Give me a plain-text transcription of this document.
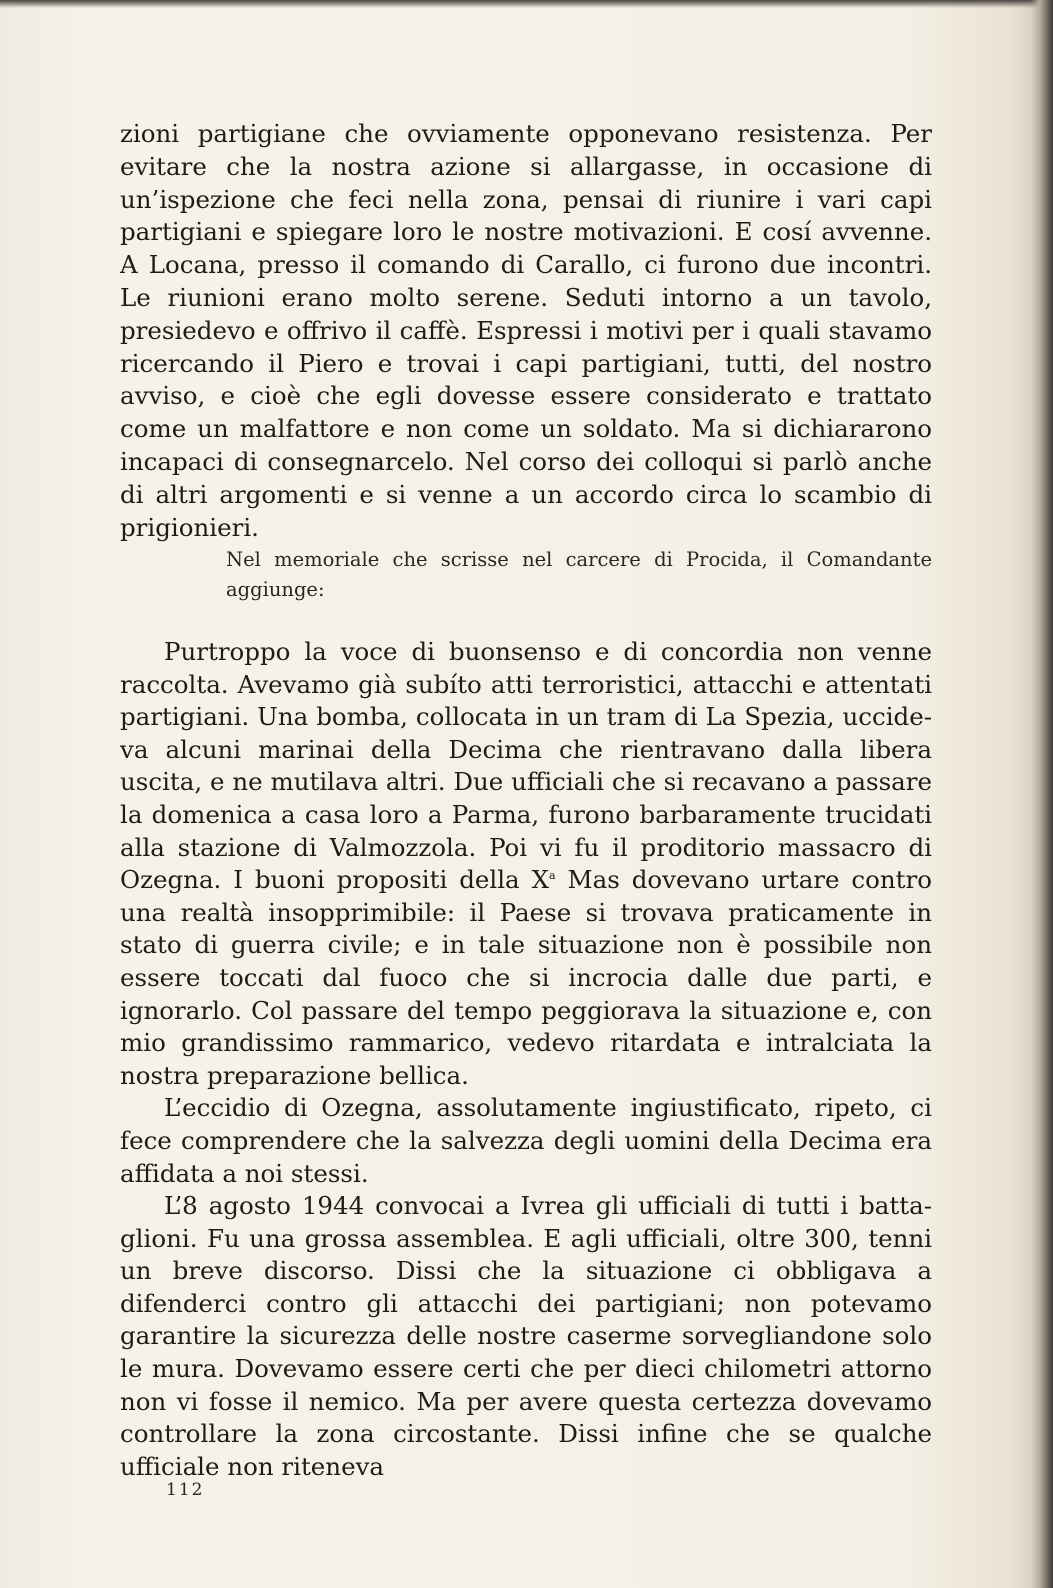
zioni partigiane che ovviamente opponevano resistenza. Per evitare che la nostra azione si allargasse, in occasione di un’ispezione che feci nella zona, pensai di riunire i vari capi partigiani e spiegare loro le nostre motivazioni. E cosí avvenne. A Locana, presso il comando di Carallo, ci furono due incontri. Le riunioni erano molto serene. Seduti intorno a un tavolo, presiedevo e offrivo il caffè. Espressi i motivi per i quali stavamo ricercando il Piero e trovai i capi partigiani, tutti, del nostro avviso, e cioè che egli dovesse essere considerato e trattato come un malfattore e non come un soldato. Ma si dichiararono incapaci di consegnarcelo. Nel corso dei colloqui si parlò anche di altri argomenti e si venne a un accordo circa lo scambio di prigionieri.

Nel memoriale che scrisse nel carcere di Procida, il Comandante aggiunge:

Purtroppo la voce di buonsenso e di concordia non venne raccolta. Avevamo già subíto atti terroristici, attacchi e attentati partigiani. Una bomba, collocata in un tram di La Spezia, uccideva alcuni marinai della Decima che rientravano dalla libera uscita, e ne mutilava altri. Due ufficiali che si recavano a passare la domenica a casa loro a Parma, furono barbaramente trucidati alla stazione di Valmozzola. Poi vi fu il proditorio massacro di Ozegna. I buoni propositi della $X^a$ Mas dovevano urtare contro una realtà insopprimibile: il Paese si trovava praticamente in stato di guerra civile; e in tale situazione non è possibile non essere toccati dal fuoco che si incrocia dalle due parti, e ignorarlo. Col passare del tempo peggiorava la situazione e, con mio grandissimo rammarico, vedevo ritardata e intralciata la nostra preparazione bellica.

L’eccidio di Ozegna, assolutamente ingiustificato, ripeto, ci fece comprendere che la salvezza degli uomini della Decima era affidata a noi stessi.

L’8 agosto 1944 convocai a Ivrea gli ufficiali di tutti i battaglioni. Fu una grossa assemblea. E agli ufficiali, oltre 300, tenni un breve discorso. Dissi che la situazione ci obbligava a difenderci contro gli attacchi dei partigiani; non potevamo garantire la sicurezza delle nostre caserme sorvegliandone solo le mura. Dovevamo essere certi che per dieci chilometri attorno non vi fosse il nemico. Ma per avere questa certezza dovevamo controllare la zona circostante. Dissi infine che se qualche ufficiale non riteneva

112
